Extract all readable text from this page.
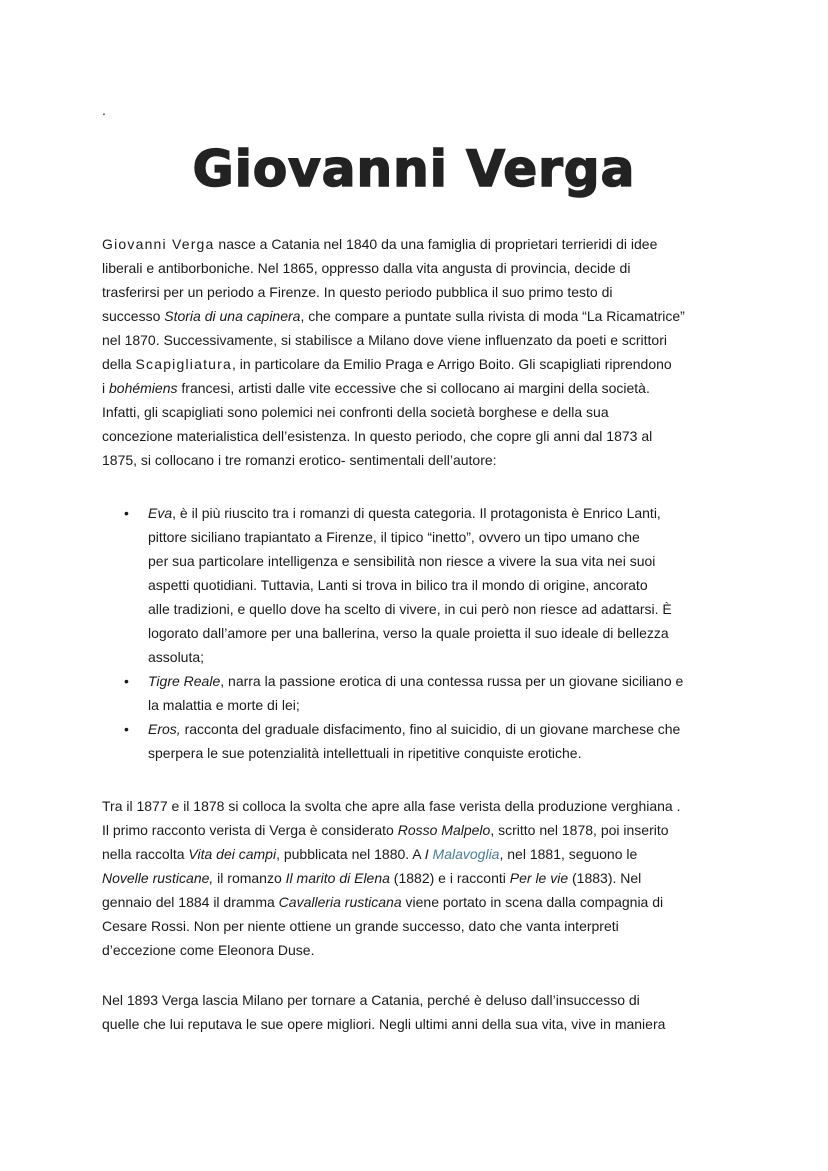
.
Giovanni Verga
Giovanni Verga nasce a Catania nel 1840 da una famiglia di proprietari terrieridi di idee
liberali e antiborboniche. Nel 1865, oppresso dalla vita angusta di provincia, decide di
trasferirsi per un periodo a Firenze. In questo periodo pubblica il suo primo testo di
successo Storia di una capinera, che compare a puntate sulla rivista di moda “La Ricamatrice”
nel 1870. Successivamente, si stabilisce a Milano dove viene influenzato da poeti e scrittori
della Scapigliatura, in particolare da Emilio Praga e Arrigo Boito. Gli scapigliati riprendono
i bohémiens francesi, artisti dalle vite eccessive che si collocano ai margini della società.
Infatti, gli scapigliati sono polemici nei confronti della società borghese e della sua
concezione materialistica dell’esistenza. In questo periodo, che copre gli anni dal 1873 al
1875, si collocano i tre romanzi erotico- sentimentali dell’autore:
• Eva, è il più riuscito tra i romanzi di questa categoria. Il protagonista è Enrico Lanti,
pittore siciliano trapiantato a Firenze, il tipico “inetto”, ovvero un tipo umano che
per sua particolare intelligenza e sensibilità non riesce a vivere la sua vita nei suoi
aspetti quotidiani. Tuttavia, Lanti si trova in bilico tra il mondo di origine, ancorato
alle tradizioni, e quello dove ha scelto di vivere, in cui però non riesce ad adattarsi. È
logorato dall’amore per una ballerina, verso la quale proietta il suo ideale di bellezza
assoluta;
• Tigre Reale, narra la passione erotica di una contessa russa per un giovane siciliano e
la malattia e morte di lei;
• Eros, racconta del graduale disfacimento, fino al suicidio, di un giovane marchese che
sperpera le sue potenzialità intellettuali in ripetitive conquiste erotiche.
Tra il 1877 e il 1878 si colloca la svolta che apre alla fase verista della produzione verghiana .
Il primo racconto verista di Verga è considerato Rosso Malpelo, scritto nel 1878, poi inserito
nella raccolta Vita dei campi, pubblicata nel 1880. A I Malavoglia, nel 1881, seguono le
Novelle rusticane, il romanzo Il marito di Elena (1882) e i racconti Per le vie (1883). Nel
gennaio del 1884 il dramma Cavalleria rusticana viene portato in scena dalla compagnia di
Cesare Rossi. Non per niente ottiene un grande successo, dato che vanta interpreti
d’eccezione come Eleonora Duse.
Nel 1893 Verga lascia Milano per tornare a Catania, perché è deluso dall’insuccesso di
quelle che lui reputava le sue opere migliori. Negli ultimi anni della sua vita, vive in maniera
